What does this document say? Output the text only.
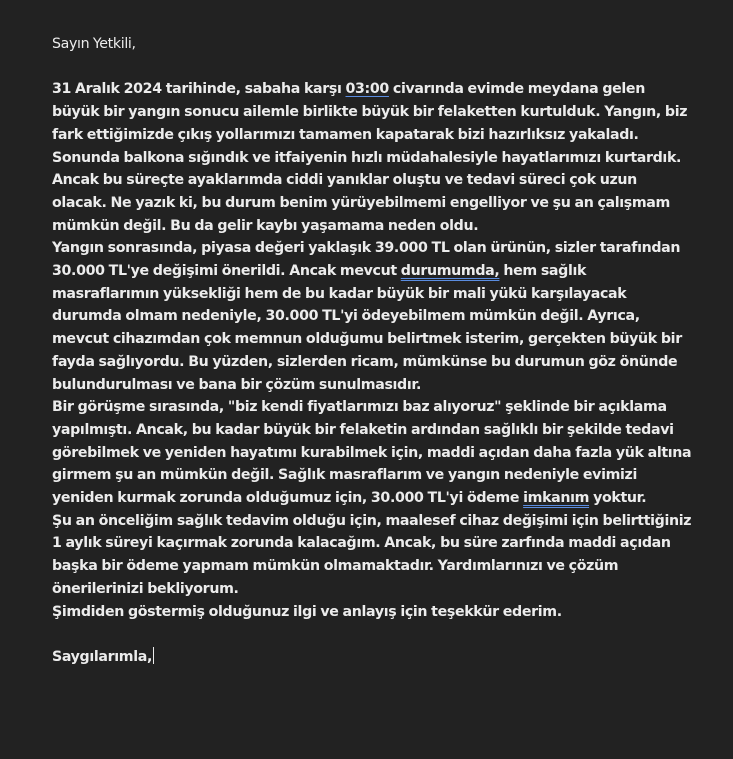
Sayın Yetkili,

31 Aralık 2024 tarihinde, sabaha karşı 03:00 civarında evimde meydana gelen büyük bir yangın sonucu ailemle birlikte büyük bir felaketten kurtulduk. Yangın, biz fark ettiğimizde çıkış yollarımızı tamamen kapatarak bizi hazırlıksız yakaladı. Sonunda balkona sığındık ve itfaiyenin hızlı müdahalesiyle hayatlarımızı kurtardık. Ancak bu süreçte ayaklarımda ciddi yanıklar oluştu ve tedavi süreci çok uzun olacak. Ne yazık ki, bu durum benim yürüyebilmemi engelliyor ve şu an çalışmam mümkün değil. Bu da gelir kaybı yaşamama neden oldu.

Yangın sonrasında, piyasa değeri yaklaşık 39.000 TL olan ürünün, sizler tarafından 30.000 TL'ye değişimi önerildi. Ancak mevcut durumumda, hem sağlık masraflarımın yüksekliği hem de bu kadar büyük bir mali yükü karşılayacak durumda olmam nedeniyle, 30.000 TL'yi ödeyebilmem mümkün değil. Ayrıca, mevcut cihazımdan çok memnun olduğumu belirtmek isterim, gerçekten büyük bir fayda sağlıyordu. Bu yüzden, sizlerden ricam, mümkünse bu durumun göz önünde bulundurulması ve bana bir çözüm sunulmasıdır.

Bir görüşme sırasında, "biz kendi fiyatlarımızı baz alıyoruz" şeklinde bir açıklama yapılmıştı. Ancak, bu kadar büyük bir felaketin ardından sağlıklı bir şekilde tedavi görebilmek ve yeniden hayatımı kurabilmek için, maddi açıdan daha fazla yük altına girmem şu an mümkün değil. Sağlık masraflarım ve yangın nedeniyle evimizi yeniden kurmak zorunda olduğumuz için, 30.000 TL'yi ödeme imkanım yoktur.

Şu an önceliğim sağlık tedavim olduğu için, maalesef cihaz değişimi için belirttiğiniz 1 aylık süreyi kaçırmak zorunda kalacağım. Ancak, bu süre zarfında maddi açıdan başka bir ödeme yapmam mümkün olmamaktadır. Yardımlarınızı ve çözüm önerilerinizi bekliyorum.

Şimdiden göstermiş olduğunuz ilgi ve anlayış için teşekkür ederim.

Saygılarımla,
